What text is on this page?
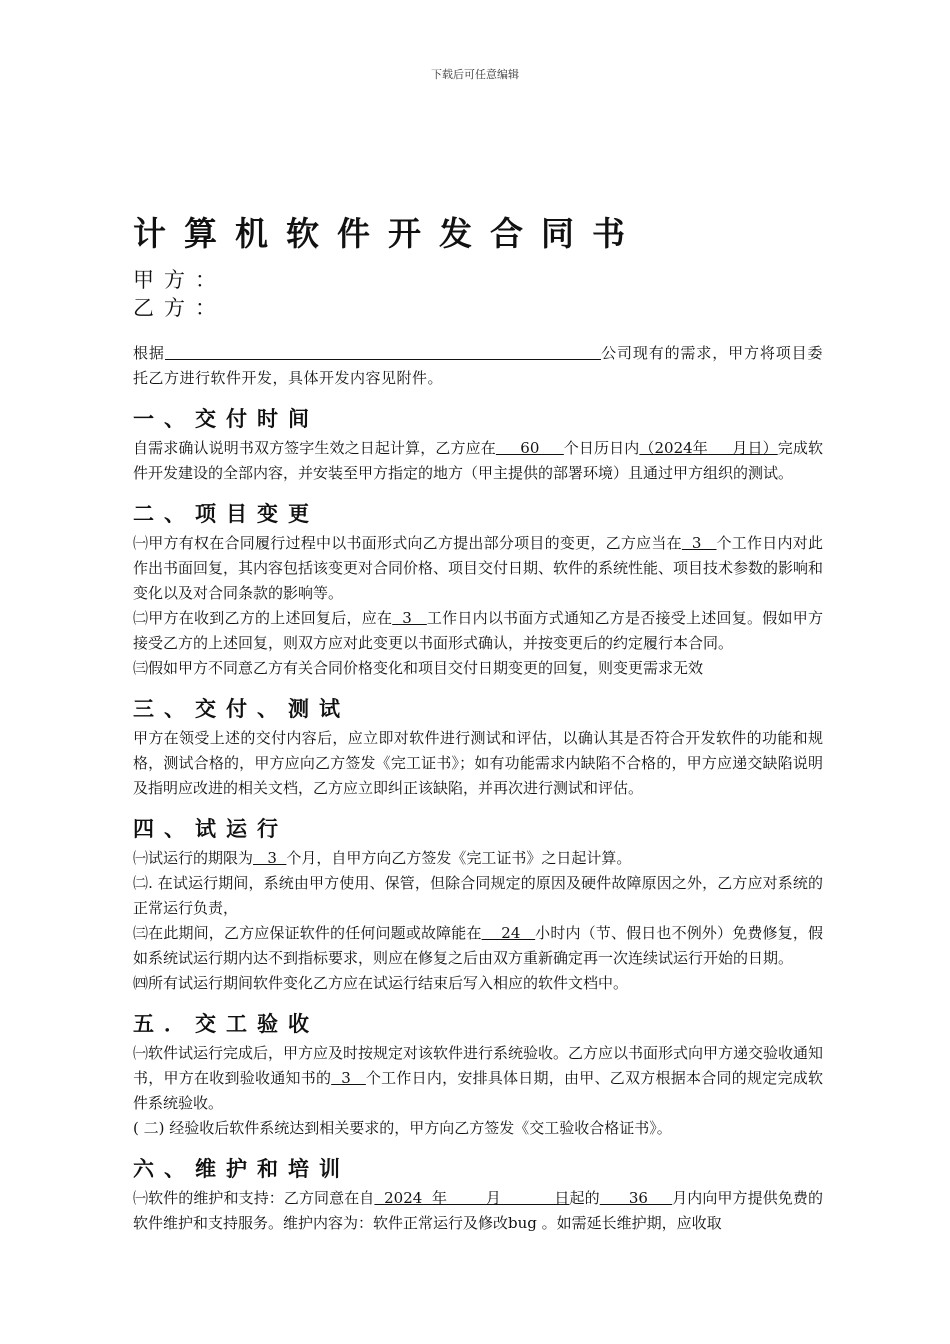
下载后可任意编辑
计算机软件开发合同书
甲方：
乙方：

根据	公司现有的需求，甲方将项目委托乙方进行软件开发，具体开发内容见附件。

一、交付时间

自需求确认说明书双方签字生效之日起计算，乙方应在     60     个日历日内（2024年     月日）完成软件开发建设的全部内容，并安装至甲方指定的地方（甲主提供的部署环境）且通过甲方组织的测试。

二、项目变更

㈠甲方有权在合同履行过程中以书面形式向乙方提出部分项目的变更，乙方应当在  3   个工作日内对此作出书面回复，其内容包括该变更对合同价格、项目交付日期、软件的系统性能、项目技术参数的影响和变化以及对合同条款的影响等。

㈡甲方在收到乙方的上述回复后，应在  3   工作日内以书面方式通知乙方是否接受上述回复。假如甲方接受乙方的上述回复，则双方应对此变更以书面形式确认，并按变更后的约定履行本合同。

㈢假如甲方不同意乙方有关合同价格变化和项目交付日期变更的回复，则变更需求无效

三、交付、测试

甲方在领受上述的交付内容后，应立即对软件进行测试和评估，以确认其是否符合开发软件的功能和规格，测试合格的，甲方应向乙方签发《完工证书》；如有功能需求内缺陷不合格的，甲方应递交缺陷说明及指明应改进的相关文档，乙方应立即纠正该缺陷，并再次进行测试和评估。

四、试运行

㈠试运行的期限为   3  个月，自甲方向乙方签发《完工证书》之日起计算。

㈡. 在试运行期间，系统由甲方使用、保管，但除合同规定的原因及硬件故障原因之外，乙方应对系统的正常运行负责，

㈢在此期间，乙方应保证软件的任何问题或故障能在    24   小时内（节、假日也不例外）免费修复，假如系统试运行期内达不到指标要求，则应在修复之后由双方重新确定再一次连续试运行开始的日期。

㈣所有试运行期间软件变化乙方应在试运行结束后写入相应的软件文档中。

五．交工验收

㈠软件试运行完成后，甲方应及时按规定对该软件进行系统验收。乙方应以书面形式向甲方递交验收通知书，甲方在收到验收通知书的  3   个工作日内，安排具体日期，由甲、乙双方根据本合同的规定完成软件系统验收。

( 二) 经验收后软件系统达到相关要求的，甲方向乙方签发《交工验收合格证书》。

六、维护和培训

㈠软件的维护和支持：乙方同意在自  2024  年        月           日起的      36     月内向甲方提供免费的软件维护和支持服务。维护内容为：软件正常运行及修改bug 。如需延长维护期，应收取
